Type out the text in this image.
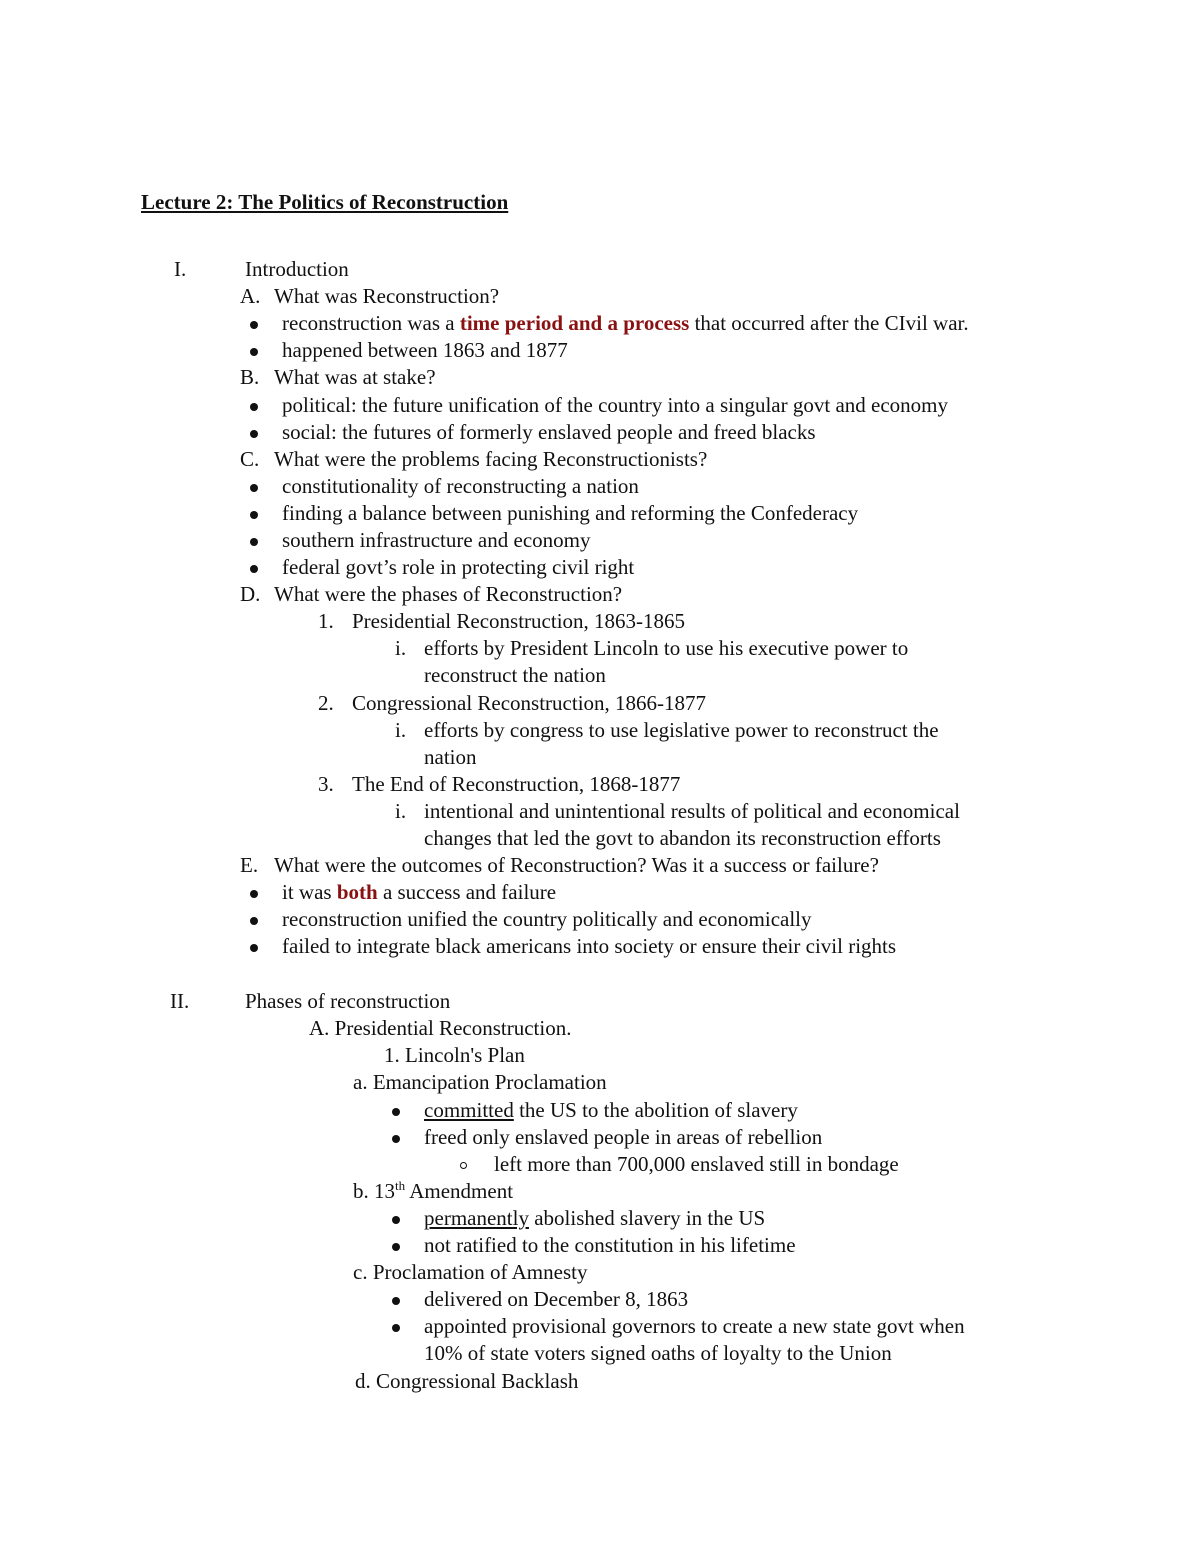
Lecture 2: The Politics of Reconstruction
I.	Introduction
A. What was Reconstruction?
reconstruction was a time period and a process that occurred after the CIvil war.
happened between 1863 and 1877
B. What was at stake?
political: the future unification of the country into a singular govt and economy
social: the futures of formerly enslaved people and freed blacks
C. What were the problems facing Reconstructionists?
constitutionality of reconstructing a nation
finding a balance between punishing and reforming the Confederacy
southern infrastructure and economy
federal govt’s role in protecting civil right
D. What were the phases of Reconstruction?
1. Presidential Reconstruction, 1863-1865
i. efforts by President Lincoln to use his executive power to
reconstruct the nation
2. Congressional Reconstruction, 1866-1877
i. efforts by congress to use legislative power to reconstruct the
nation
3. The End of Reconstruction, 1868-1877
i. intentional and unintentional results of political and economical
changes that led the govt to abandon its reconstruction efforts
E. What were the outcomes of Reconstruction? Was it a success or failure?
it was both a success and failure
reconstruction unified the country politically and economically
failed to integrate black americans into society or ensure their civil rights
II.	Phases of reconstruction
A. Presidential Reconstruction.
1. Lincoln's Plan
a. Emancipation Proclamation
committed the US to the abolition of slavery
freed only enslaved people in areas of rebellion
left more than 700,000 enslaved still in bondage
b. 13th Amendment
permanently abolished slavery in the US
not ratified to the constitution in his lifetime
c. Proclamation of Amnesty
delivered on December 8, 1863
appointed provisional governors to create a new state govt when
10% of state voters signed oaths of loyalty to the Union
d. Congressional Backlash
